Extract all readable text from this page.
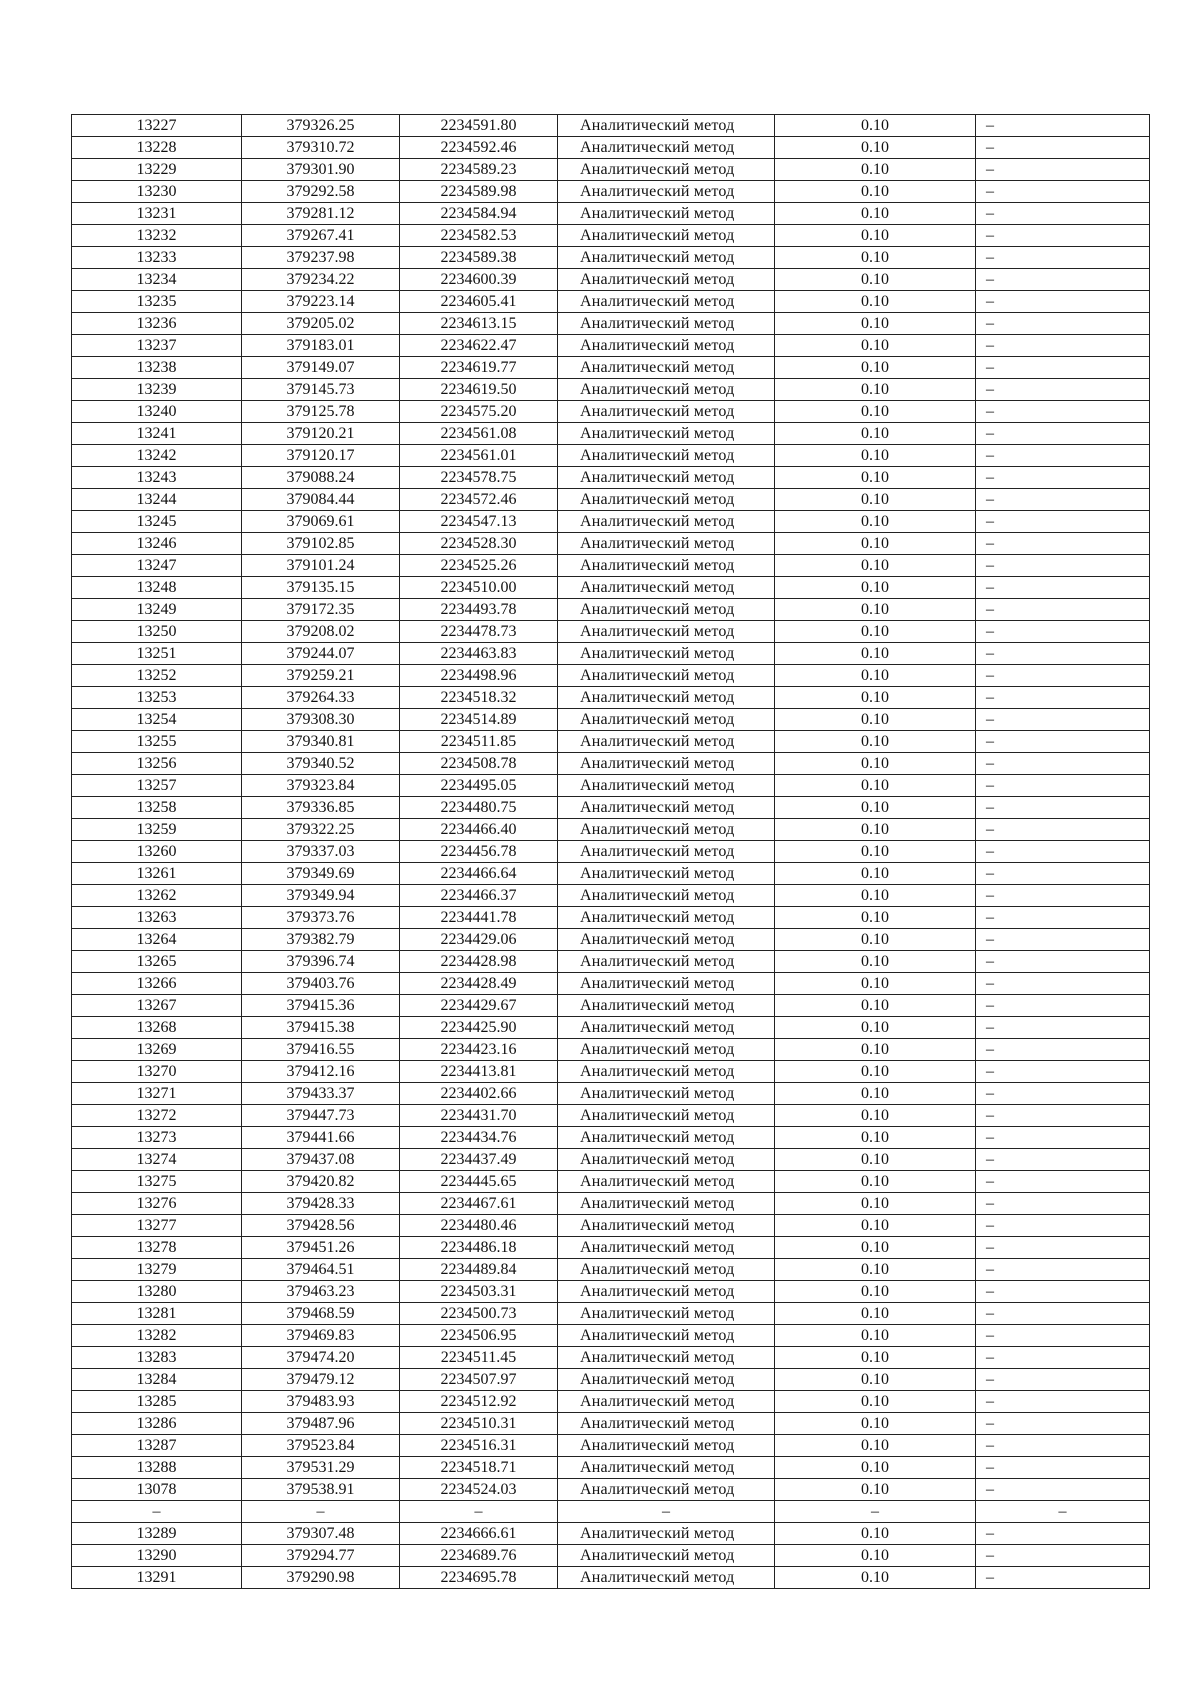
13227	379326.25	2234591.80	Аналитический метод	0.10	–
13228	379310.72	2234592.46	Аналитический метод	0.10	–
13229	379301.90	2234589.23	Аналитический метод	0.10	–
13230	379292.58	2234589.98	Аналитический метод	0.10	–
13231	379281.12	2234584.94	Аналитический метод	0.10	–
13232	379267.41	2234582.53	Аналитический метод	0.10	–
13233	379237.98	2234589.38	Аналитический метод	0.10	–
13234	379234.22	2234600.39	Аналитический метод	0.10	–
13235	379223.14	2234605.41	Аналитический метод	0.10	–
13236	379205.02	2234613.15	Аналитический метод	0.10	–
13237	379183.01	2234622.47	Аналитический метод	0.10	–
13238	379149.07	2234619.77	Аналитический метод	0.10	–
13239	379145.73	2234619.50	Аналитический метод	0.10	–
13240	379125.78	2234575.20	Аналитический метод	0.10	–
13241	379120.21	2234561.08	Аналитический метод	0.10	–
13242	379120.17	2234561.01	Аналитический метод	0.10	–
13243	379088.24	2234578.75	Аналитический метод	0.10	–
13244	379084.44	2234572.46	Аналитический метод	0.10	–
13245	379069.61	2234547.13	Аналитический метод	0.10	–
13246	379102.85	2234528.30	Аналитический метод	0.10	–
13247	379101.24	2234525.26	Аналитический метод	0.10	–
13248	379135.15	2234510.00	Аналитический метод	0.10	–
13249	379172.35	2234493.78	Аналитический метод	0.10	–
13250	379208.02	2234478.73	Аналитический метод	0.10	–
13251	379244.07	2234463.83	Аналитический метод	0.10	–
13252	379259.21	2234498.96	Аналитический метод	0.10	–
13253	379264.33	2234518.32	Аналитический метод	0.10	–
13254	379308.30	2234514.89	Аналитический метод	0.10	–
13255	379340.81	2234511.85	Аналитический метод	0.10	–
13256	379340.52	2234508.78	Аналитический метод	0.10	–
13257	379323.84	2234495.05	Аналитический метод	0.10	–
13258	379336.85	2234480.75	Аналитический метод	0.10	–
13259	379322.25	2234466.40	Аналитический метод	0.10	–
13260	379337.03	2234456.78	Аналитический метод	0.10	–
13261	379349.69	2234466.64	Аналитический метод	0.10	–
13262	379349.94	2234466.37	Аналитический метод	0.10	–
13263	379373.76	2234441.78	Аналитический метод	0.10	–
13264	379382.79	2234429.06	Аналитический метод	0.10	–
13265	379396.74	2234428.98	Аналитический метод	0.10	–
13266	379403.76	2234428.49	Аналитический метод	0.10	–
13267	379415.36	2234429.67	Аналитический метод	0.10	–
13268	379415.38	2234425.90	Аналитический метод	0.10	–
13269	379416.55	2234423.16	Аналитический метод	0.10	–
13270	379412.16	2234413.81	Аналитический метод	0.10	–
13271	379433.37	2234402.66	Аналитический метод	0.10	–
13272	379447.73	2234431.70	Аналитический метод	0.10	–
13273	379441.66	2234434.76	Аналитический метод	0.10	–
13274	379437.08	2234437.49	Аналитический метод	0.10	–
13275	379420.82	2234445.65	Аналитический метод	0.10	–
13276	379428.33	2234467.61	Аналитический метод	0.10	–
13277	379428.56	2234480.46	Аналитический метод	0.10	–
13278	379451.26	2234486.18	Аналитический метод	0.10	–
13279	379464.51	2234489.84	Аналитический метод	0.10	–
13280	379463.23	2234503.31	Аналитический метод	0.10	–
13281	379468.59	2234500.73	Аналитический метод	0.10	–
13282	379469.83	2234506.95	Аналитический метод	0.10	–
13283	379474.20	2234511.45	Аналитический метод	0.10	–
13284	379479.12	2234507.97	Аналитический метод	0.10	–
13285	379483.93	2234512.92	Аналитический метод	0.10	–
13286	379487.96	2234510.31	Аналитический метод	0.10	–
13287	379523.84	2234516.31	Аналитический метод	0.10	–
13288	379531.29	2234518.71	Аналитический метод	0.10	–
13078	379538.91	2234524.03	Аналитический метод	0.10	–
–	–	–	–	–	–
13289	379307.48	2234666.61	Аналитический метод	0.10	–
13290	379294.77	2234689.76	Аналитический метод	0.10	–
13291	379290.98	2234695.78	Аналитический метод	0.10	–
